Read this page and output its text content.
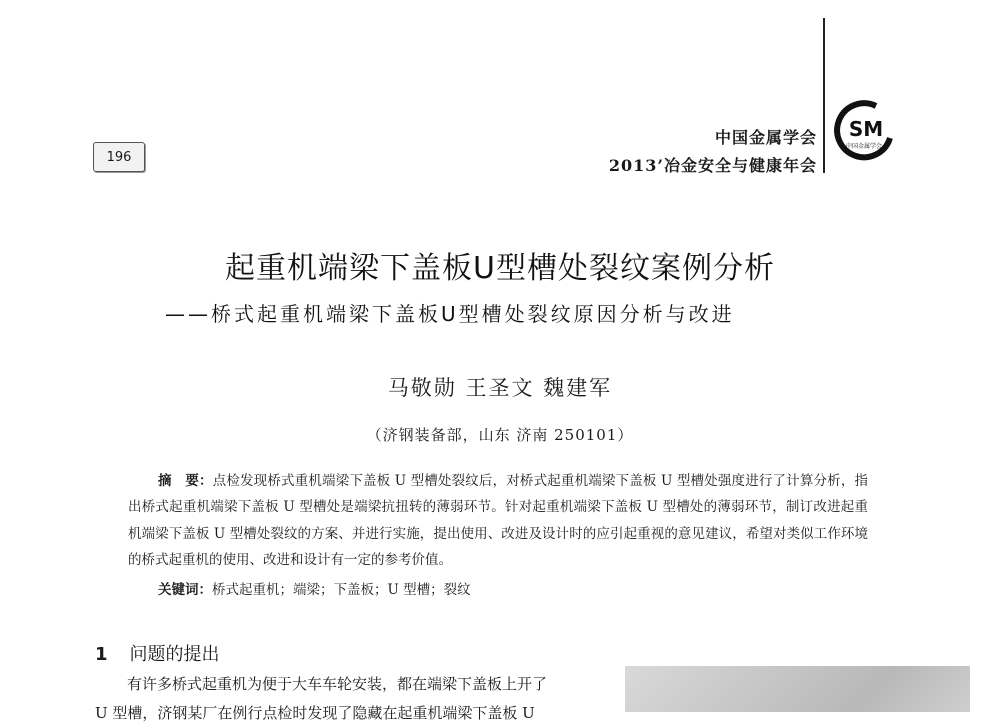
196
中国金属学会
2013’冶金安全与健康年会
SM
中国金属学会
起重机端梁下盖板U型槽处裂纹案例分析
——桥式起重机端梁下盖板U型槽处裂纹原因分析与改进
马敬勋 王圣文 魏建军
（济钢装备部，山东 济南 250101）
摘　要：点检发现桥式重机端梁下盖板 U 型槽处裂纹后，对桥式起重机端梁下盖板 U 型槽处强度进行了计算分析，指出桥式起重机端梁下盖板 U 型槽处是端梁抗扭转的薄弱环节。针对起重机端梁下盖板 U 型槽处的薄弱环节，制订改进起重机端梁下盖板 U 型槽处裂纹的方案、并进行实施，提出使用、改进及设计时的应引起重视的意见建议，希望对类似工作环境的桥式起重机的使用、改进和设计有一定的参考价值。
关键词：桥式起重机；端梁；下盖板；U 型槽；裂纹
1 问题的提出
有许多桥式起重机为便于大车车轮安装，都在端梁下盖板上开了
U 型槽，济钢某厂在例行点检时发现了隐藏在起重机端梁下盖板 U
